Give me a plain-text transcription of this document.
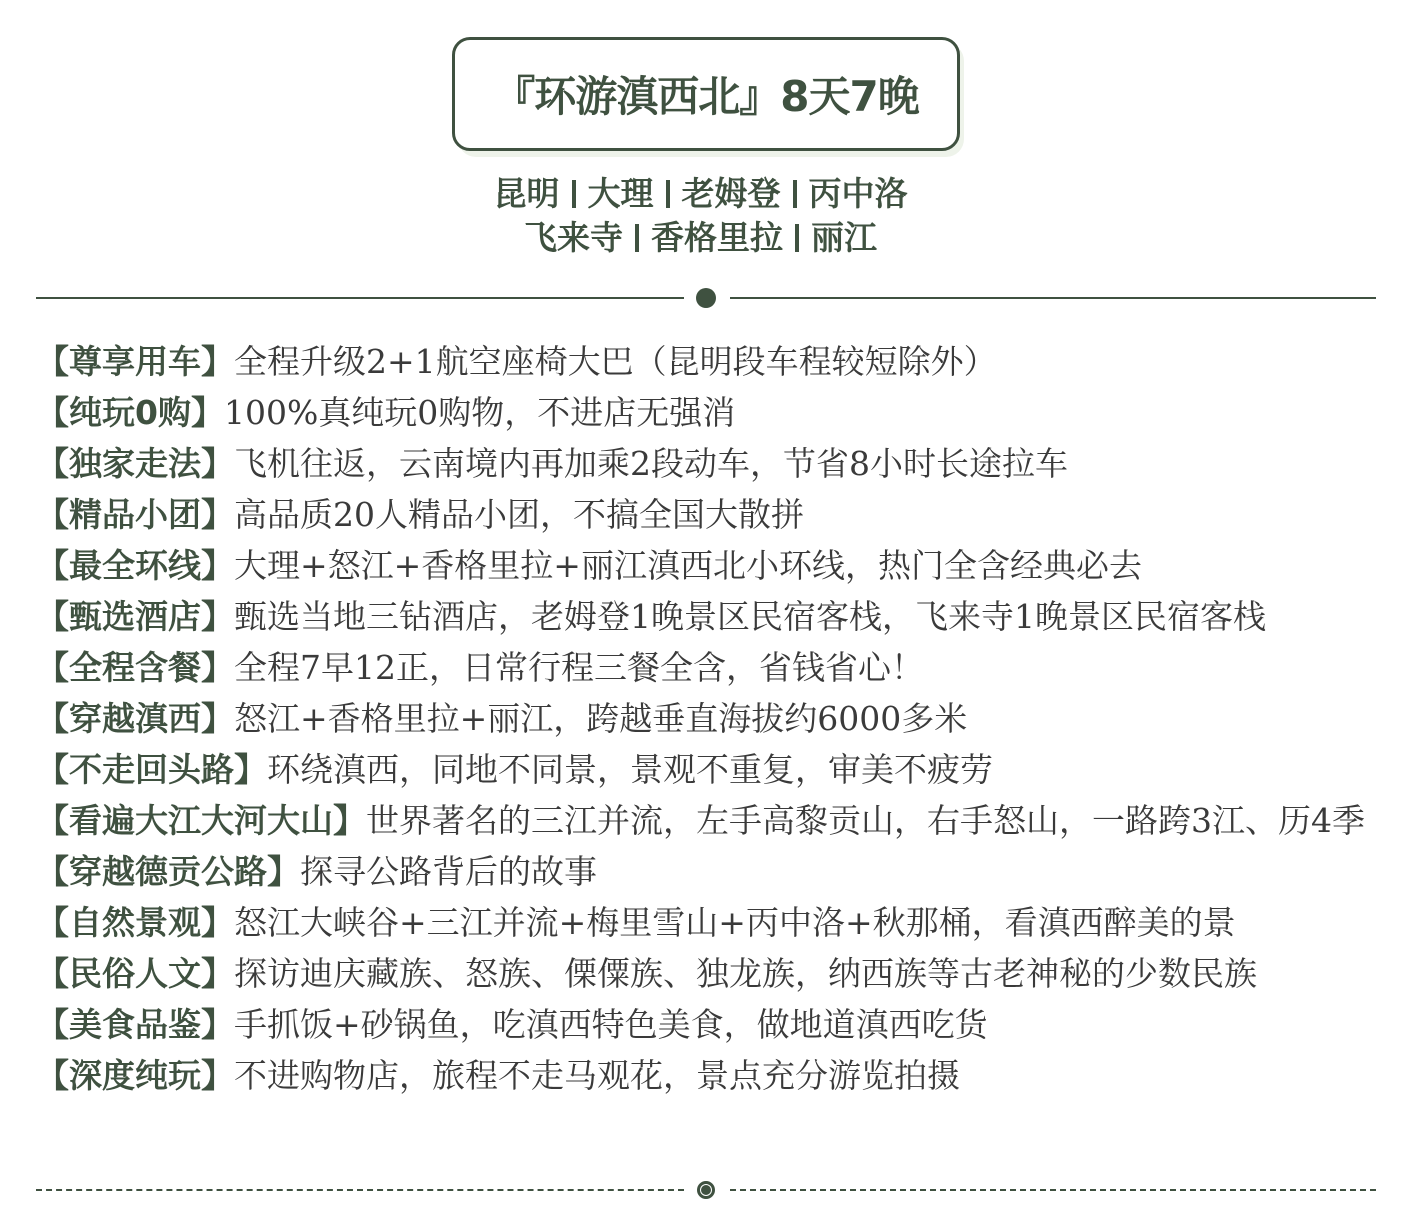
『环游滇西北』8天7晚
昆明 大理 老姆登 丙中洛
飞来寺 香格里拉 丽江
【尊享用车】全程升级2+1航空座椅大巴（昆明段车程较短除外）
【纯玩0购】100%真纯玩0购物，不进店无强消
【独家走法】飞机往返，云南境内再加乘2段动车，节省8小时长途拉车
【精品小团】高品质20人精品小团，不搞全国大散拼
【最全环线】大理+怒江+香格里拉+丽江滇西北小环线，热门全含经典必去
【甄选酒店】甄选当地三钻酒店，老姆登1晚景区民宿客栈，飞来寺1晚景区民宿客栈
【全程含餐】全程7早12正，日常行程三餐全含，省钱省心！
【穿越滇西】怒江+香格里拉+丽江，跨越垂直海拔约6000多米
【不走回头路】环绕滇西，同地不同景，景观不重复，审美不疲劳
【看遍大江大河大山】世界著名的三江并流，左手高黎贡山，右手怒山，一路跨3江、历4季
【穿越德贡公路】探寻公路背后的故事
【自然景观】怒江大峡谷+三江并流+梅里雪山+丙中洛+秋那桶，看滇西醉美的景
【民俗人文】探访迪庆藏族、怒族、傈僳族、独龙族，纳西族等古老神秘的少数民族
【美食品鉴】手抓饭+砂锅鱼，吃滇西特色美食，做地道滇西吃货
【深度纯玩】不进购物店，旅程不走马观花，景点充分游览拍摄
